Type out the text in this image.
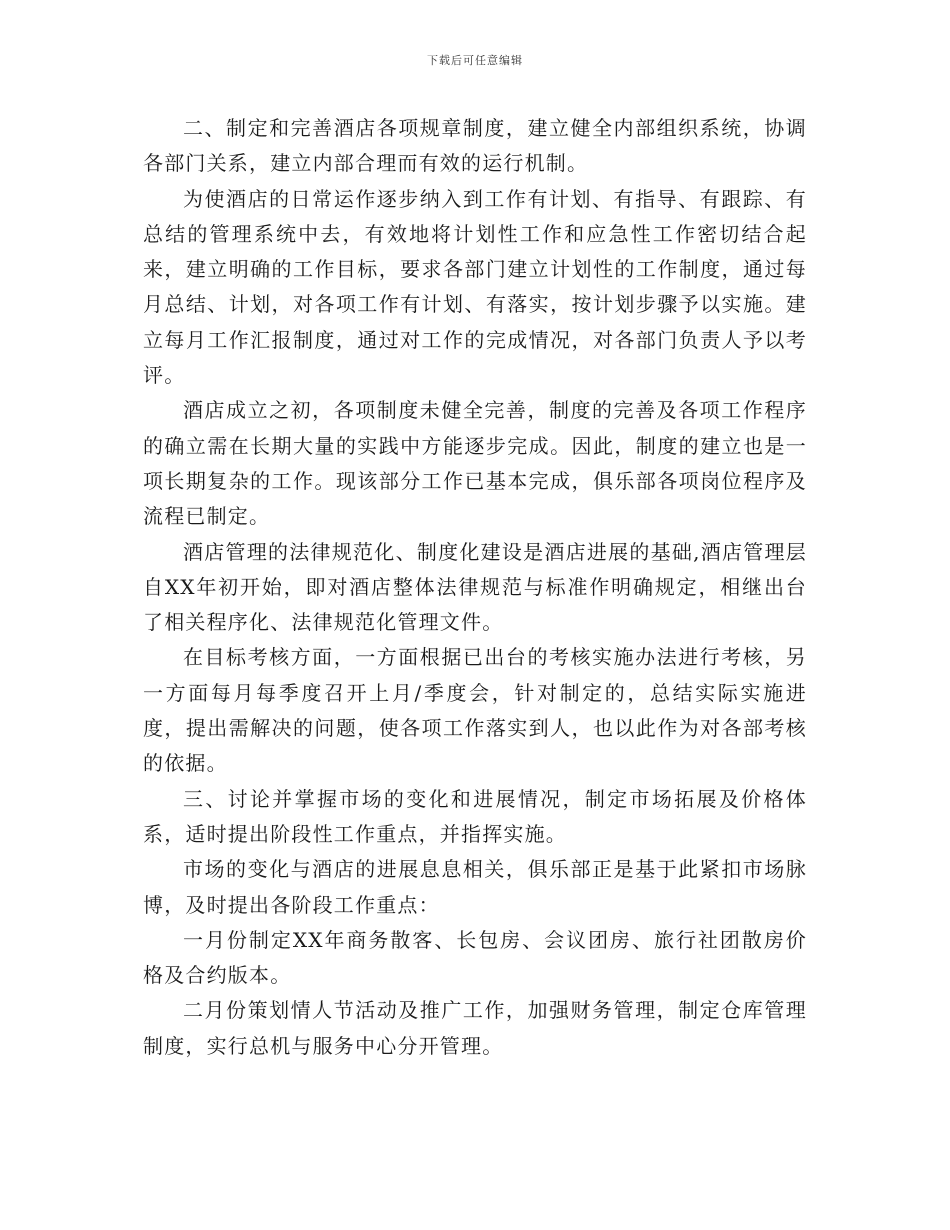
下载后可任意编辑

二、制定和完善酒店各项规章制度，建立健全内部组织系统，协调各部门关系，建立内部合理而有效的运行机制。

为使酒店的日常运作逐步纳入到工作有计划、有指导、有跟踪、有总结的管理系统中去，有效地将计划性工作和应急性工作密切结合起来，建立明确的工作目标，要求各部门建立计划性的工作制度，通过每月总结、计划，对各项工作有计划、有落实，按计划步骤予以实施。建立每月工作汇报制度，通过对工作的完成情况，对各部门负责人予以考评。

酒店成立之初，各项制度未健全完善，制度的完善及各项工作程序的确立需在长期大量的实践中方能逐步完成。因此，制度的建立也是一项长期复杂的工作。现该部分工作已基本完成，俱乐部各项岗位程序及流程已制定。

酒店管理的法律规范化、制度化建设是酒店进展的基础,酒店管理层自XX年初开始，即对酒店整体法律规范与标准作明确规定，相继出台了相关程序化、法律规范化管理文件。

在目标考核方面，一方面根据已出台的考核实施办法进行考核，另一方面每月每季度召开上月/季度会，针对制定的，总结实际实施进度，提出需解决的问题，使各项工作落实到人，也以此作为对各部考核的依据。

三、讨论并掌握市场的变化和进展情况，制定市场拓展及价格体系，适时提出阶段性工作重点，并指挥实施。

市场的变化与酒店的进展息息相关，俱乐部正是基于此紧扣市场脉博，及时提出各阶段工作重点：

一月份制定XX年商务散客、长包房、会议团房、旅行社团散房价格及合约版本。

二月份策划情人节活动及推广工作，加强财务管理，制定仓库管理制度，实行总机与服务中心分开管理。
